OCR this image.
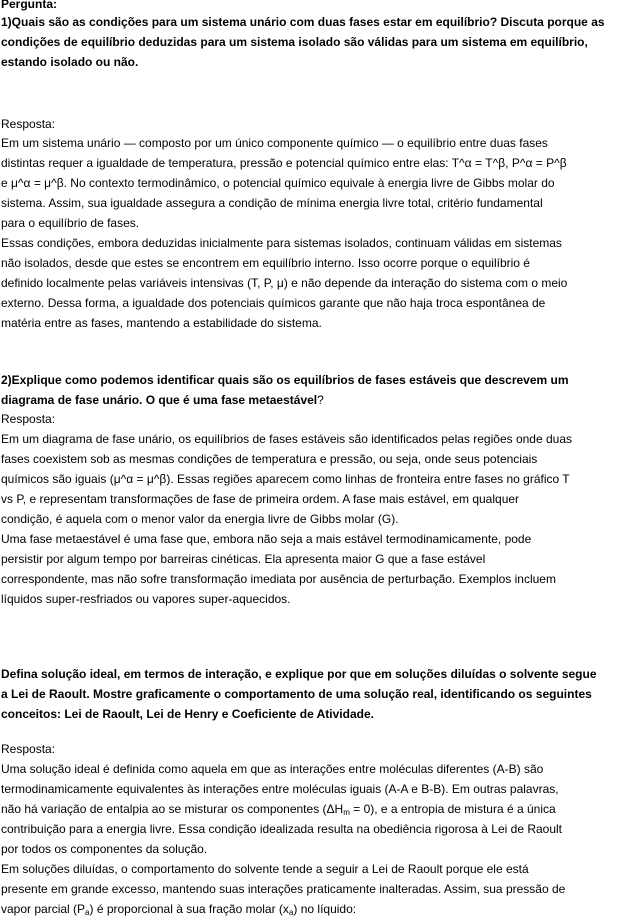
Pergunta:
1)Quais são as condições para um sistema unário com duas fases estar em equilíbrio? Discuta porque as
condições de equilíbrio deduzidas para um sistema isolado são válidas para um sistema em equilíbrio,
estando isolado ou não.
Resposta:
Em um sistema unário — composto por um único componente químico — o equilíbrio entre duas fases
distintas requer a igualdade de temperatura, pressão e potencial químico entre elas: T^α = T^β, P^α = P^β
e μ^α = μ^β. No contexto termodinâmico, o potencial químico equivale à energia livre de Gibbs molar do
sistema. Assim, sua igualdade assegura a condição de mínima energia livre total, critério fundamental
para o equilíbrio de fases.
Essas condições, embora deduzidas inicialmente para sistemas isolados, continuam válidas em sistemas
não isolados, desde que estes se encontrem em equilíbrio interno. Isso ocorre porque o equilíbrio é
definido localmente pelas variáveis intensivas (T, P, μ) e não depende da interação do sistema com o meio
externo. Dessa forma, a igualdade dos potenciais químicos garante que não haja troca espontânea de
matéria entre as fases, mantendo a estabilidade do sistema.
2)Explique como podemos identificar quais são os equilíbrios de fases estáveis que descrevem um
diagrama de fase unário. O que é uma fase metaestável?
Resposta:
Em um diagrama de fase unário, os equilíbrios de fases estáveis são identificados pelas regiões onde duas
fases coexistem sob as mesmas condições de temperatura e pressão, ou seja, onde seus potenciais
químicos são iguais (μ^α = μ^β). Essas regiões aparecem como linhas de fronteira entre fases no gráfico T
vs P, e representam transformações de fase de primeira ordem. A fase mais estável, em qualquer
condição, é aquela com o menor valor da energia livre de Gibbs molar (G).
Uma fase metaestável é uma fase que, embora não seja a mais estável termodinamicamente, pode
persistir por algum tempo por barreiras cinéticas. Ela apresenta maior G que a fase estável
correspondente, mas não sofre transformação imediata por ausência de perturbação. Exemplos incluem
líquidos super-resfriados ou vapores super-aquecidos.
Defina solução ideal, em termos de interação, e explique por que em soluções diluídas o solvente segue
a Lei de Raoult. Mostre graficamente o comportamento de uma solução real, identificando os seguintes
conceitos: Lei de Raoult, Lei de Henry e Coeficiente de Atividade.
Resposta:
Uma solução ideal é definida como aquela em que as interações entre moléculas diferentes (A-B) são
termodinamicamente equivalentes às interações entre moléculas iguais (A-A e B-B). Em outras palavras,
não há variação de entalpia ao se misturar os componentes $(\Delta H_m = 0)$, e a entropia de mistura é a única
contribuição para a energia livre. Essa condição idealizada resulta na obediência rigorosa à Lei de Raoult
por todos os componentes da solução.
Em soluções diluídas, o comportamento do solvente tende a seguir a Lei de Raoult porque ele está
presente em grande excesso, mantendo suas interações praticamente inalteradas. Assim, sua pressão de
vapor parcial $(P_a)$ é proporcional à sua fração molar $(x_a)$ no líquido:
